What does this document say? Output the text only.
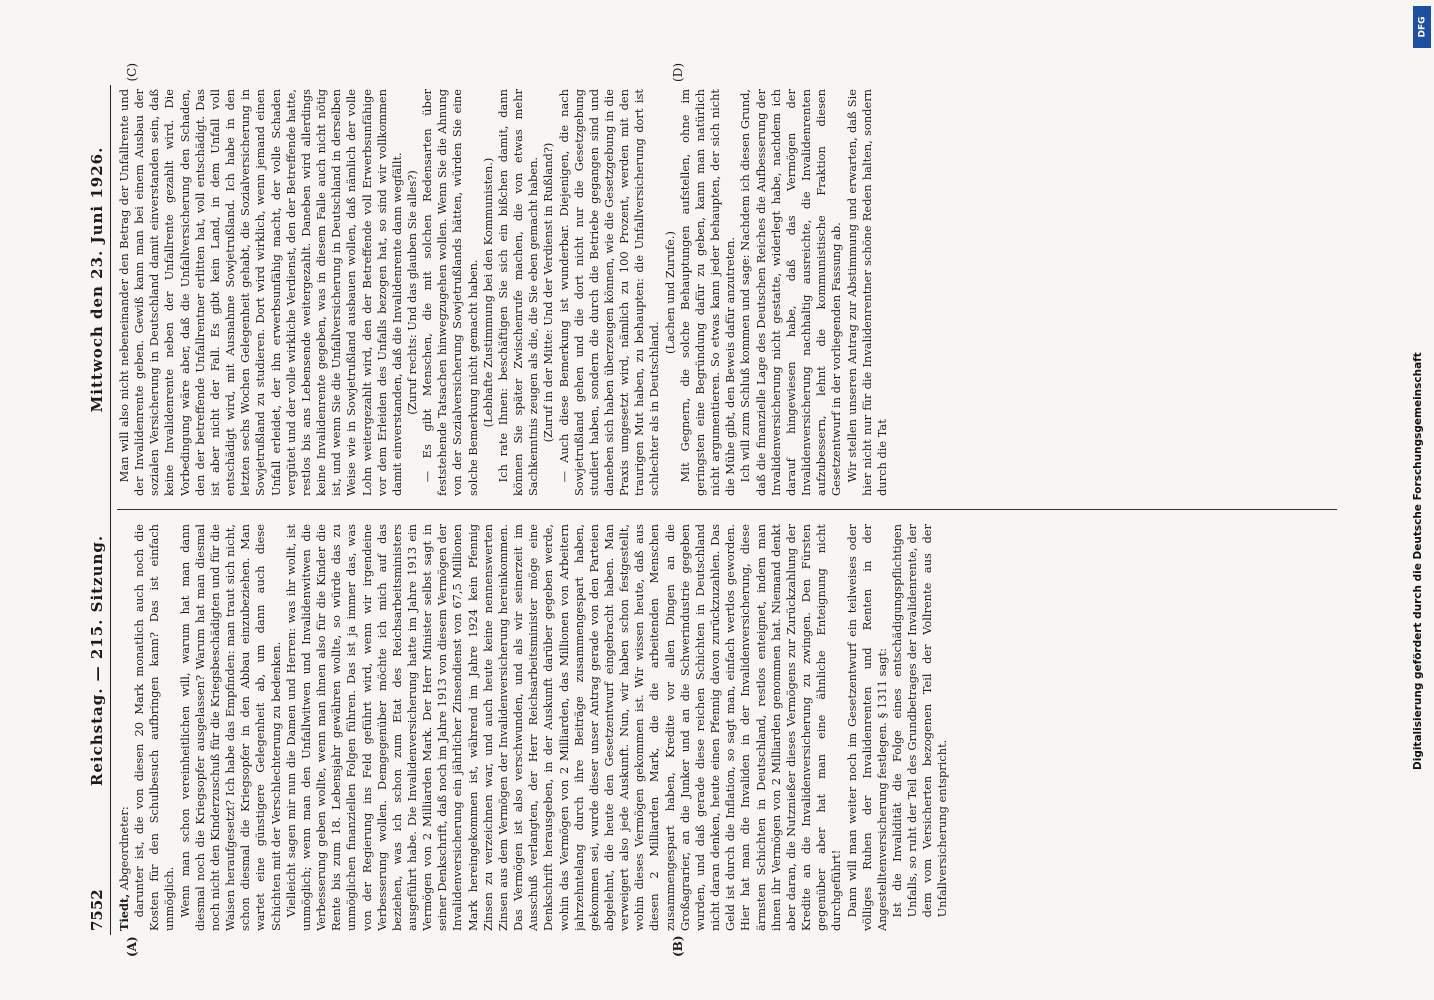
7552
Reichstag. — 215. Sitzung.
Mittwoch den 23. Juni 1926.
(A)	(B)
(C)	(D)

Tiedt, Abgeordneter: darunter ist, die von diesen 20 Mark monatlich auch noch die Kosten für den Schulbesuch aufbringen kann? Das ist einfach unmöglich. Wenn man schon vereinheitlichen will, warum hat man dann diesmal noch die Kriegsopfer ausgelassen? Warum hat man diesmal noch nicht den Kinderzuschuß für die Kriegsbeschädigten und für die Waisen heraufgesetzt? Ich habe das Empfinden: man traut sich nicht, schon diesmal die Kriegsopfer in den Abbau einzubeziehen. Man wartet eine günstigere Gelegenheit ab, um dann auch diese Schichten mit der Verschlechterung zu bedenken. Vielleicht sagen mir nun die Damen und Herren: was ihr wollt, ist unmöglich; wenn man den Unfallwitwen und Invalidenwitwen die Verbesserung geben wollte, wenn man ihnen also für die Kinder die Rente bis zum 18. Lebensjahr gewähren wollte, so würde das zu unmöglichen finanziellen Folgen führen. Das ist ja immer das, was von der Regierung ins Feld geführt wird, wenn wir irgendeine Verbesserung wollen. Demgegenüber möchte ich mich auf das beziehen, was ich schon zum Etat des Reichsarbeitsministers ausgeführt habe. Die Invalidenversicherung hatte im Jahre 1913 ein Vermögen von 2 Milliarden Mark. Der Herr Minister selbst sagt in seiner Denkschrift, daß noch im Jahre 1913 von diesem Vermögen der Invalidenversicherung ein jährlicher Zinsendienst von 67,5 Millionen Mark hereingekommen ist, während im Jahre 1924 kein Pfennig Zinsen zu verzeichnen war, und auch heute keine nennenswerten Zinsen aus dem Vermögen der Invalidenversicherung hereinkommen. Das Vermögen ist also verschwunden, und als wir seinerzeit im Ausschuß verlangten, der Herr Reichsarbeitsminister möge eine Denkschrift herausgeben, in der Auskunft darüber gegeben werde, wohin das Vermögen von 2 Milliarden, das Millionen von Arbeitern jahrzehntelang durch ihre Beiträge zusammengespart haben, gekommen sei, wurde dieser unser Antrag gerade von den Parteien abgelehnt, die heute den Gesetzentwurf eingebracht haben. Man verweigert also jede Auskunft. Nun, wir haben schon festgestellt, wohin dieses Vermögen gekommen ist. Wir wissen heute, daß aus diesen 2 Milliarden Mark, die die arbeitenden Menschen zusammengespart haben, Kredite vor allen Dingen an die Großagrarier, an die Junker und an die Schwerindustrie gegeben wurden, und daß gerade diese reichen Schichten in Deutschland nicht daran denken, heute einen Pfennig davon zurückzuzahlen. Das Geld ist durch die Inflation, so sagt man, einfach wertlos geworden. Hier hat man die Invaliden in der Invalidenversicherung, diese ärmsten Schichten in Deutschland, restlos enteignet, indem man ihnen ihr Vermögen von 2 Milliarden genommen hat. Niemand denkt aber daran, die Nutznießer dieses Vermögens zur Zurückzahlung der Kredite an die Invalidenversicherung zu zwingen. Den Fürsten gegenüber aber hat man eine ähnliche Enteignung nicht durchgeführt! Dann will man weiter noch im Gesetzentwurf ein teilweises oder völliges Ruhen der Invalidenrenten und Renten in der Angestelltenversicherung festlegen. § 1311 sagt: Ist die Invalidität die Folge eines entschädigungspflichtigen Unfalls, so ruht der Teil des Grundbetrages der Invalidenrente, der dem vom Versicherten bezogenen Teil der Vollrente aus der Unfallversicherung entspricht.

Man will also nicht nebeneinander den Betrag der Unfallrente und der Invalidenrente geben. Gewiß kann man bei einem Ausbau der sozialen Versicherung in Deutschland damit einverstanden sein, daß keine Invalidenrente neben der Unfallrente gezahlt wird. Die Vorbedingung wäre aber, daß die Unfallversicherung den Schaden, den der betreffende Unfallrentner erlitten hat, voll entschädigt. Das ist aber nicht der Fall. Es gibt kein Land, in dem Unfall voll entschädigt wird, mit Ausnahme Sowjetrußland. Ich habe in den letzten sechs Wochen Gelegenheit gehabt, die Sozialversicherung in Sowjetrußland zu studieren. Dort wird wirklich, wenn jemand einen Unfall erleidet, der ihn erwerbsunfähig macht, der volle Schaden vergütet und der volle wirkliche Verdienst, den der Betreffende hatte, restlos bis ans Lebensende weitergezahlt. Daneben wird allerdings keine Invalidenrente gegeben, was in diesem Falle auch nicht nötig ist, und wenn Sie die Unfallversicherung in Deutschland in derselben Weise wie in Sowjetrußland ausbauen wollen, daß nämlich der volle Lohn weitergezahlt wird, den der Betreffende voll Erwerbsunfähige vor dem Erleiden des Unfalls bezogen hat, so sind wir vollkommen damit einverstanden, daß die Invalidenrente dann wegfällt. (Zuruf rechts: Und das glauben Sie alles?) — Es gibt Menschen, die mit solchen Redensarten über feststehende Tatsachen hinwegzugehen wollen. Wenn Sie die Ahnung von der Sozialversicherung Sowjetrußlands hätten, würden Sie eine solche Bemerkung nicht gemacht haben. (Lebhafte Zustimmung bei den Kommunisten.) Ich rate Ihnen: beschäftigen Sie sich ein bißchen damit, dann können Sie später Zwischenrufe machen, die von etwas mehr Sachkenntnis zeugen als die, die Sie eben gemacht haben. (Zuruf in der Mitte: Und der Verdienst in Rußland?) — Auch diese Bemerkung ist wunderbar. Diejenigen, die nach Sowjetrußland gehen und die dort nicht nur die Gesetzgebung studiert haben, sondern die durch die Betriebe gegangen sind und daneben sich haben überzeugen können, wie die Gesetzgebung in die Praxis umgesetzt wird, nämlich zu 100 Prozent, werden mit den traurigen Mut haben, zu behaupten: die Unfallversicherung dort ist schlechter als in Deutschland.

(Lachen und Zurufe.) Mit Gegnern, die solche Behauptungen aufstellen, ohne im geringsten eine Begründung dafür zu geben, kann man natürlich nicht argumentieren. So etwas kann jeder behaupten, der sich nicht die Mühe gibt, den Beweis dafür anzutreten. Ich will zum Schluß kommen und sage: Nachdem ich diesen Grund, daß die finanzielle Lage des Deutschen Reiches die Aufbesserung der Invalidenversicherung nicht gestatte, widerlegt habe, nachdem ich darauf hingewiesen habe, daß das Vermögen der Invalidenversicherung nachhaltig ausreichte, die Invalidenrenten aufzubessern, lehnt die kommunistische Fraktion diesen Gesetzentwurf in der vorliegenden Fassung ab. Wir stellen unseren Antrag zur Abstimmung und erwarten, daß Sie hier nicht nur für die Invalidenrentner schöne Reden halten, sondern durch die Tat	Digitalisierung gefördert durch die Deutsche Forschungsgemeinschaft
DFG
